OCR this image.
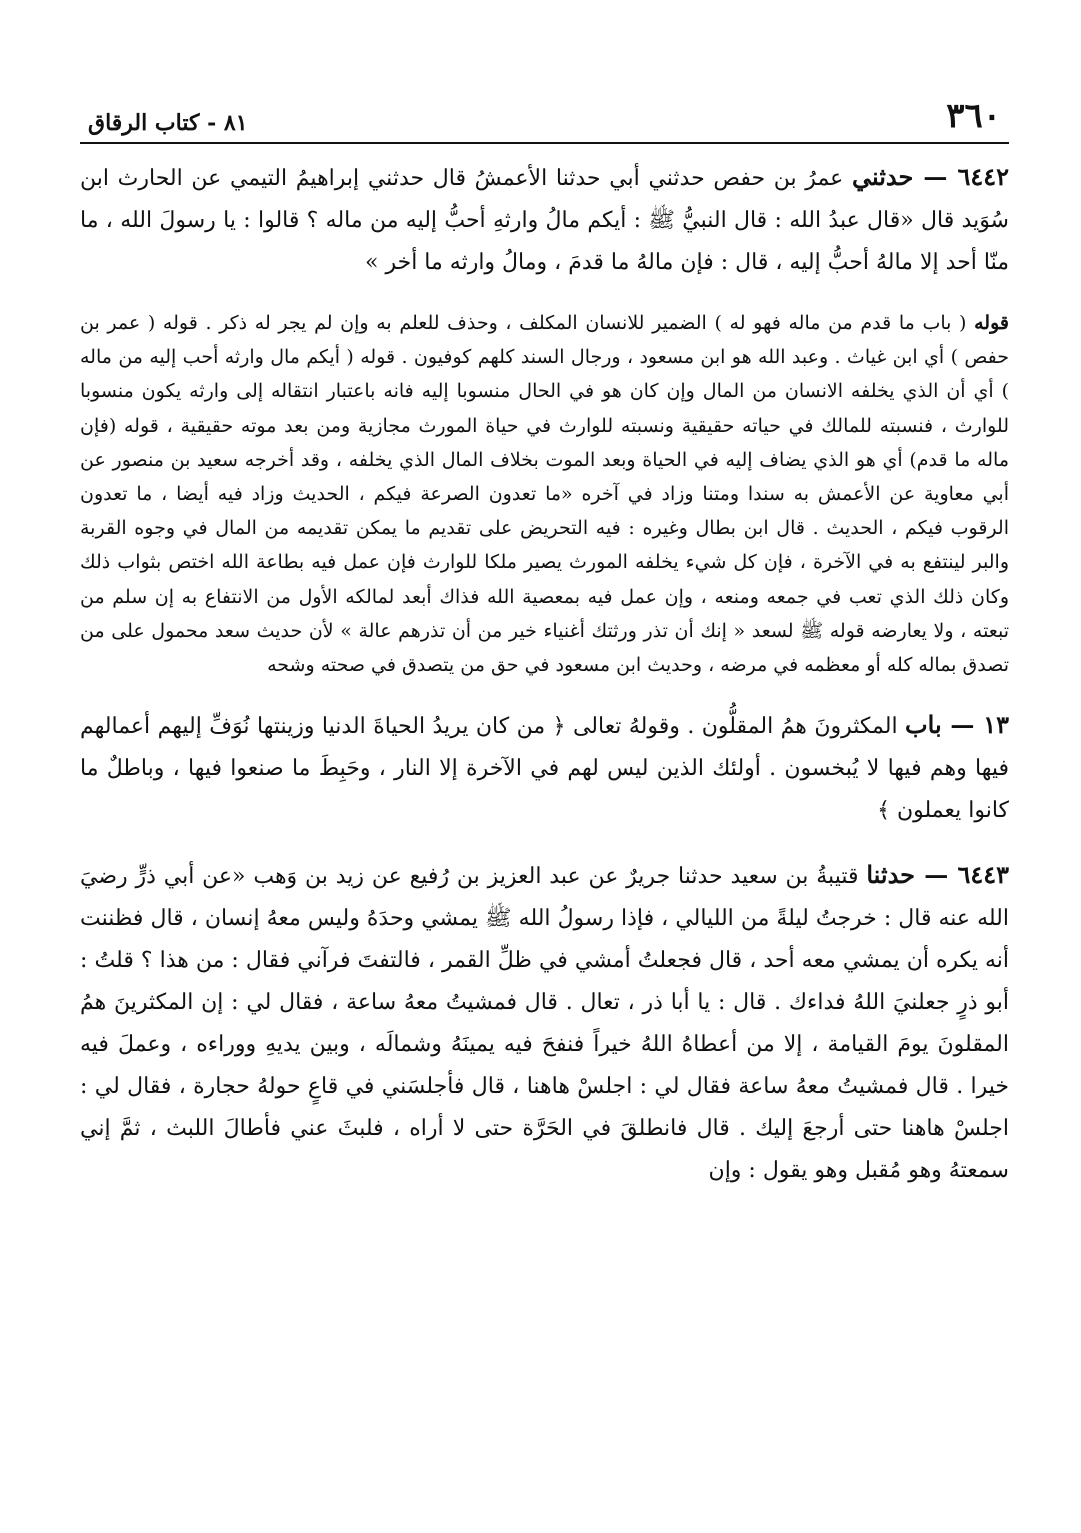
٣٦٠
٨١ - كتاب الرقاق

٦٤٤٢ — حدثني عمرُ بن حفص حدثني أبي حدثنا الأعمشُ قال حدثني إبراهيمُ التيمي عن الحارث ابن سُوَيد قال «قال عبدُ الله : قال النبيُّ ﷺ : أيكم مالُ وارثهِ أحبُّ إليه من ماله ؟ قالوا : يا رسولَ الله ، ما منّا أحد إلا مالهُ أحبُّ إليه ، قال : فإن مالهُ ما قدمَ ، ومالُ وارثه ما أخر »

قوله ( باب ما قدم من ماله فهو له ) الضمير للانسان المكلف ، وحذف للعلم به وإن لم يجر له ذكر . قوله ( عمر بن حفص ) أي ابن غياث . وعبد الله هو ابن مسعود ، ورجال السند كلهم كوفيون . قوله ( أيكم مال وارثه أحب إليه من ماله ) أي أن الذي يخلفه الانسان من المال وإن كان هو في الحال منسوبا إليه فانه باعتبار انتقاله إلى وارثه يكون منسوبا للوارث ، فنسبته للمالك في حياته حقيقية ونسبته للوارث في حياة المورث مجازية ومن بعد موته حقيقية ، قوله (فإن ماله ما قدم) أي هو الذي يضاف إليه في الحياة وبعد الموت بخلاف المال الذي يخلفه ، وقد أخرجه سعيد بن منصور عن أبي معاوية عن الأعمش به سندا ومتنا وزاد في آخره «ما تعدون الصرعة فيكم ، الحديث وزاد فيه أيضا ، ما تعدون الرقوب فيكم ، الحديث . قال ابن بطال وغيره : فيه التحريض على تقديم ما يمكن تقديمه من المال في وجوه القربة والبر لينتفع به في الآخرة ، فإن كل شيء يخلفه المورث يصير ملكا للوارث فإن عمل فيه بطاعة الله اختص بثواب ذلك وكان ذلك الذي تعب في جمعه ومنعه ، وإن عمل فيه بمعصية الله فذاك أبعد لمالكه الأول من الانتفاع به إن سلم من تبعته ، ولا يعارضه قوله ﷺ لسعد « إنك أن تذر ورثتك أغنياء خير من أن تذرهم عالة » لأن حديث سعد محمول على من تصدق بماله كله أو معظمه في مرضه ، وحديث ابن مسعود في حق من يتصدق في صحته وشحه

١٣ — باب المكثرونَ همُ المقلُّون . وقولهُ تعالى ﴿ من كان يريدُ الحياةَ الدنيا وزينتها نُوَفِّ إليهم أعمالهم فيها وهم فيها لا يُبخسون . أولئك الذين ليس لهم في الآخرة إلا النار ، وحَبِطَ ما صنعوا فيها ، وباطلٌ ما كانوا يعملون ﴾

٦٤٤٣ — حدثنا قتيبةُ بن سعيد حدثنا جريرٌ عن عبد العزيز بن رُفيع عن زيد بن وَهب «عن أبي ذرٍّ رضيَ الله عنه قال : خرجتُ ليلةً من الليالي ، فإذا رسولُ الله ﷺ يمشي وحدَهُ وليس معهُ إنسان ، قال فظننت أنه يكره أن يمشي معه أحد ، قال فجعلتُ أمشي في ظلِّ القمر ، فالتفتَ فرآني فقال : من هذا ؟ قلتُ : أبو ذرٍ جعلنيَ اللهُ فداءك . قال : يا أبا ذر ، تعال . قال فمشيتُ معهُ ساعة ، فقال لي : إن المكثرينَ همُ المقلونَ يومَ القيامة ، إلا من أعطاهُ اللهُ خيراً فنفحَ فيه يمينَهُ وشمالَه ، وبين يديهِ ووراءه ، وعملَ فيه خيرا . قال فمشيتُ معهُ ساعة فقال لي : اجلسْ هاهنا ، قال فأجلسَني في قاعٍ حولهُ حجارة ، فقال لي : اجلسْ هاهنا حتى أرجعَ إليك . قال فانطلقَ في الحَرَّة حتى لا أراه ، فلبثَ عني فأطالَ اللبث ، ثمَّ إني سمعتهُ وهو مُقبل وهو يقول : وإن
